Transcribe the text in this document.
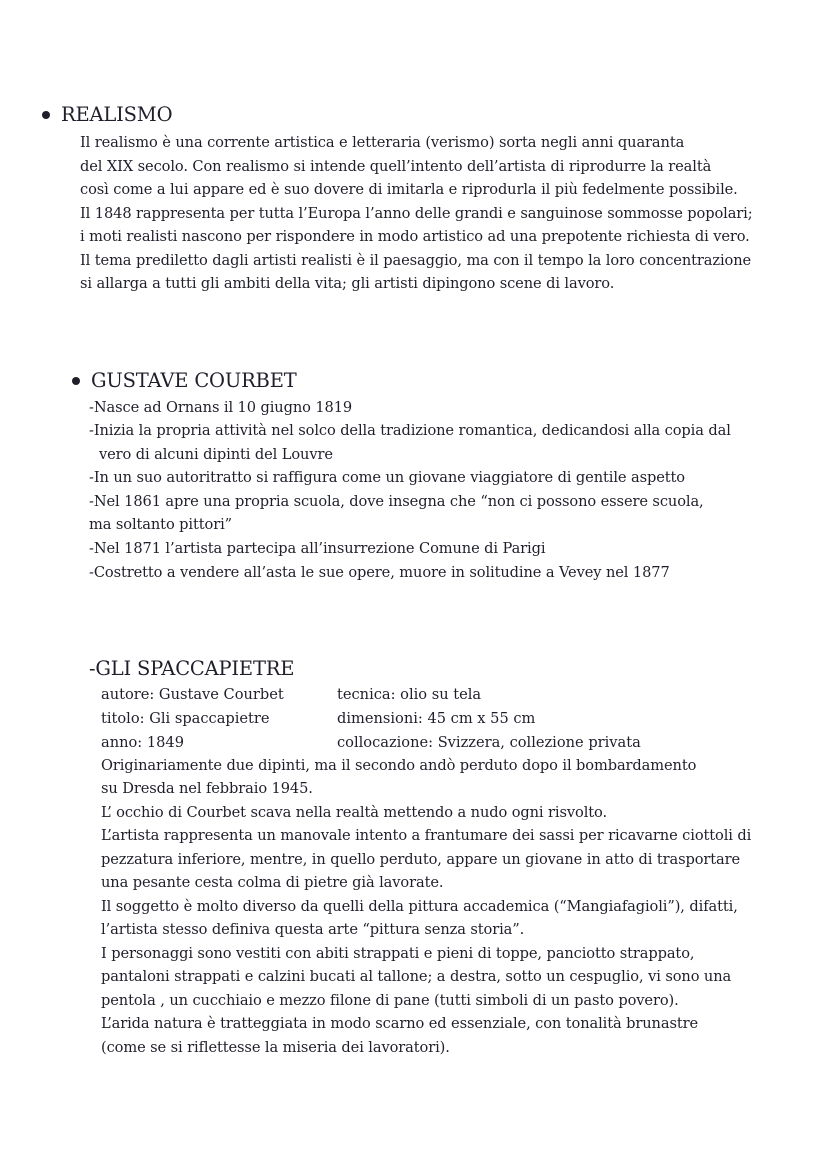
REALISMO
Il realismo è una corrente artistica e letteraria (verismo) sorta negli anni quaranta
del XIX secolo. Con realismo si intende quell’intento dell’artista di riprodurre la realtà
così come a lui appare ed è suo dovere di imitarla e riprodurla il più fedelmente possibile.
Il 1848 rappresenta per tutta l’Europa l’anno delle grandi e sanguinose sommosse popolari;
i moti realisti nascono per rispondere in modo artistico ad una prepotente richiesta di vero.
Il tema prediletto dagli artisti realisti è il paesaggio, ma con il tempo la loro concentrazione
si allarga a tutti gli ambiti della vita; gli artisti dipingono scene di lavoro.
GUSTAVE COURBET
-Nasce ad Ornans il 10 giugno 1819
-Inizia la propria attività nel solco della tradizione romantica, dedicandosi alla copia dal
vero di alcuni dipinti del Louvre
-In un suo autoritratto si raffigura come un giovane viaggiatore di gentile aspetto
-Nel 1861 apre una propria scuola, dove insegna che “non ci possono essere scuola,
ma soltanto pittori”
-Nel 1871 l’artista partecipa all’insurrezione Comune di Parigi
-Costretto a vendere all’asta le sue opere, muore in solitudine a Vevey nel 1877
-GLI SPACCAPIETRE
autore: Gustave Courbet
titolo: Gli spaccapietre
anno: 1849
tecnica: olio su tela
dimensioni: 45 cm x 55 cm
collocazione: Svizzera, collezione privata
Originariamente due dipinti, ma il secondo andò perduto dopo il bombardamento
su Dresda nel febbraio 1945.
L’ occhio di Courbet scava nella realtà mettendo a nudo ogni risvolto.
L’artista rappresenta un manovale intento a frantumare dei sassi per ricavarne ciottoli di
pezzatura inferiore, mentre, in quello perduto, appare un giovane in atto di trasportare
una pesante cesta colma di pietre già lavorate.
Il soggetto è molto diverso da quelli della pittura accademica (“Mangiafagioli”), difatti,
l’artista stesso definiva questa arte “pittura senza storia”.
I personaggi sono vestiti con abiti strappati e pieni di toppe, panciotto strappato,
pantaloni strappati e calzini bucati al tallone; a destra, sotto un cespuglio, vi sono una
pentola , un cucchiaio e mezzo filone di pane (tutti simboli di un pasto povero).
L’arida natura è tratteggiata in modo scarno ed essenziale, con tonalità brunastre
(come se si riflettesse la miseria dei lavoratori).
